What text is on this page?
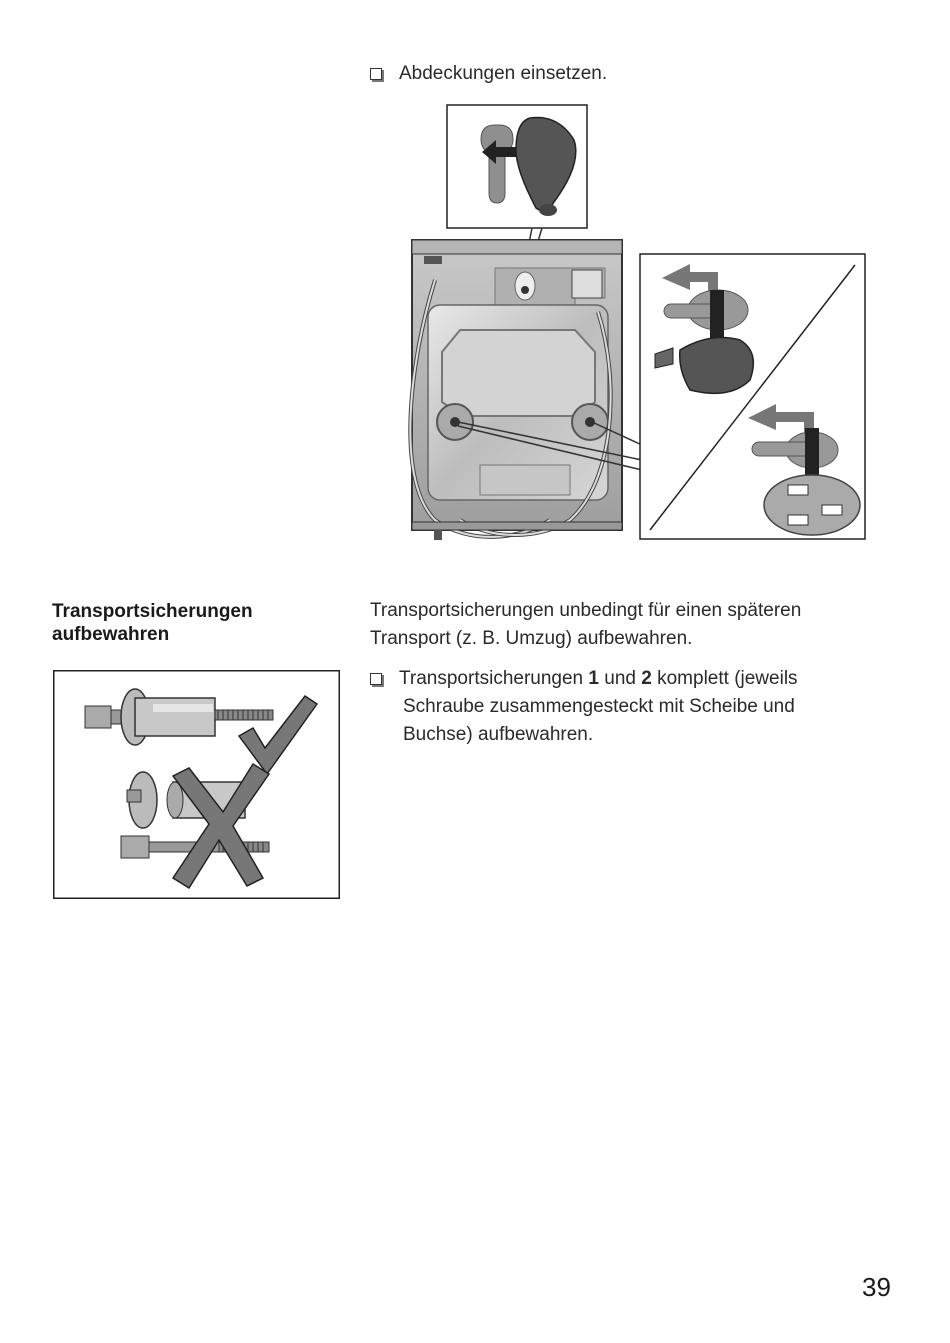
Abdeckungen einsetzen.
Transportsicherungen
aufbewahren
Transportsicherungen unbedingt für einen späteren
Transport (z. B. Umzug) aufbewahren.
Transportsicherungen 1 und 2 komplett (jeweils
Schraube zusammengesteckt mit Scheibe und
Buchse) aufbewahren.
39
